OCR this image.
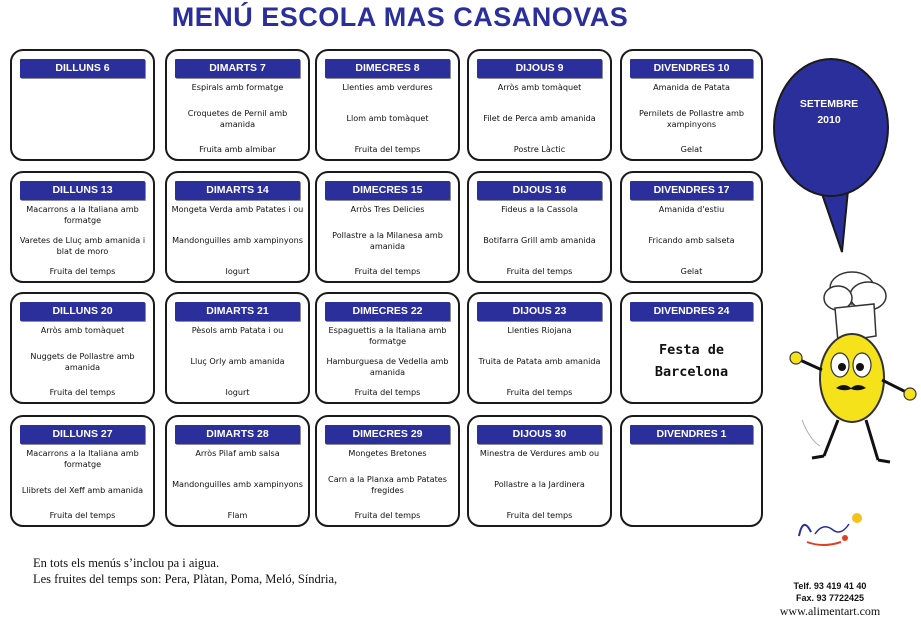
MENÚ ESCOLA MAS CASANOVAS
DILLUNS 6	DIMARTS 7
Espirals amb formatge
Croquetes de Pernil amb amanida
Fruita amb almibar
DIMECRES 8
Llenties amb verdures
Llom amb tomàquet
Fruita del temps
DIJOUS 9
Arròs amb tomàquet
Filet de Perca amb amanida
Postre Làctic
DIVENDRES 10
Amanida de Patata
Pernilets de Pollastre amb xampinyons
Gelat
DILLUNS 13
Macarrons a la Italiana amb formatge
Varetes de Lluç amb amanida i blat de moro
Fruita del temps
DIMARTS 14
Mongeta Verda amb Patates i ou
Mandonguilles amb xampinyons
Iogurt
DIMECRES 15
Arròs Tres Delicies
Pollastre a la Milanesa amb amanida
Fruita del temps
DIJOUS 16
Fideus a la Cassola
Botifarra Grill amb amanida
Fruita del temps
DIVENDRES 17
Amanida d'estiu
Fricando amb salseta
Gelat
DILLUNS 20
Arròs amb tomàquet
Nuggets de Pollastre amb amanida
Fruita del temps
DIMARTS 21
Pèsols amb Patata i ou
Lluç Orly amb amanida
Iogurt
DIMECRES 22
Espaguettis a la Italiana amb formatge
Hamburguesa de Vedella amb amanida
Fruita del temps
DIJOUS 23
Llenties Riojana
Truita de Patata amb amanida
Fruita del temps
DIVENDRES 24
Festa de
Barcelona
DILLUNS 27
Macarrons a la Italiana amb formatge
Llibrets del Xeff amb amanida
Fruita del temps
DIMARTS 28
Arròs Pilaf amb salsa
Mandonguilles amb xampinyons
Flam
DIMECRES 29
Mongetes Bretones
Carn a la Planxa amb Patates fregides
Fruita del temps
DIJOUS 30
Minestra de Verdures amb ou
Pollastre a la Jardinera
Fruita del temps
DIVENDRES 1
SETEMBRE
2010
En tots els menús s’inclou pa i aigua.
Les fruites del temps son: Pera, Plàtan, Poma, Meló, Síndria,	Telf. 93 419 41 40
Fax. 93 7722425
www.alimentart.com
